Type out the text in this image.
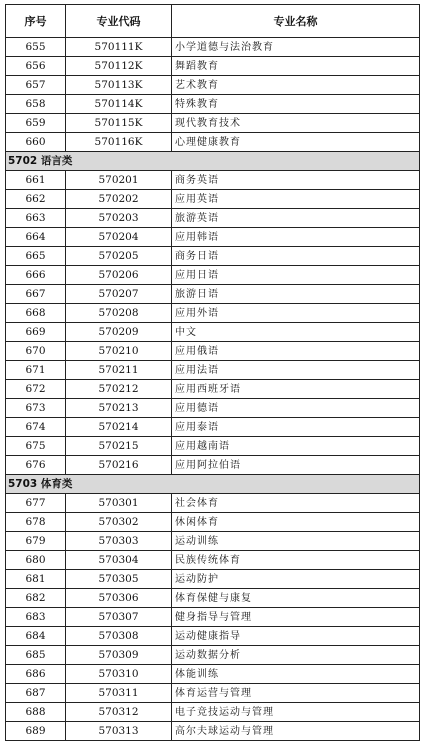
序号	专业代码	专业名称
655	570111K	小学道德与法治教育
656	570112K	舞蹈教育
657	570113K	艺术教育
658	570114K	特殊教育
659	570115K	现代教育技术
660	570116K	心理健康教育
5702 语言类		
661	570201	商务英语
662	570202	应用英语
663	570203	旅游英语
664	570204	应用韩语
665	570205	商务日语
666	570206	应用日语
667	570207	旅游日语
668	570208	应用外语
669	570209	中文
670	570210	应用俄语
671	570211	应用法语
672	570212	应用西班牙语
673	570213	应用德语
674	570214	应用泰语
675	570215	应用越南语
676	570216	应用阿拉伯语
5703 体育类		
677	570301	社会体育
678	570302	休闲体育
679	570303	运动训练
680	570304	民族传统体育
681	570305	运动防护
682	570306	体育保健与康复
683	570307	健身指导与管理
684	570308	运动健康指导
685	570309	运动数据分析
686	570310	体能训练
687	570311	体育运营与管理
688	570312	电子竞技运动与管理
689	570313	高尔夫球运动与管理
